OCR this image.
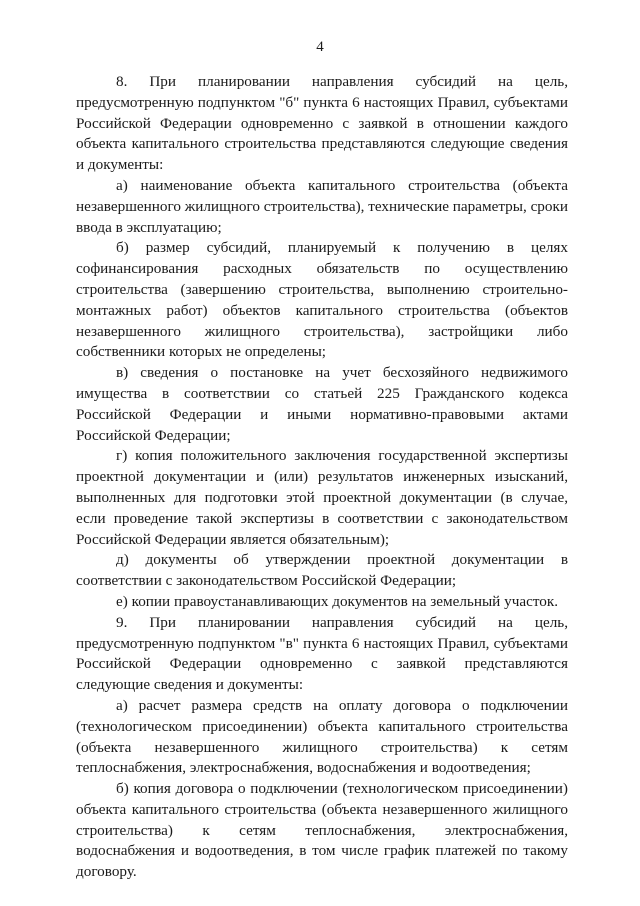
4

8. При планировании направления субсидий на цель, предусмотренную подпунктом "б" пункта 6 настоящих Правил, субъектами Российской Федерации одновременно с заявкой в отношении каждого объекта капитального строительства представляются следующие сведения и документы:

а) наименование объекта капитального строительства (объекта незавершенного жилищного строительства), технические параметры, сроки ввода в эксплуатацию;

б) размер субсидий, планируемый к получению в целях софинансирования расходных обязательств по осуществлению строительства (завершению строительства, выполнению строительно-монтажных работ) объектов капитального строительства (объектов незавершенного жилищного строительства), застройщики либо собственники которых не определены;

в) сведения о постановке на учет бесхозяйного недвижимого имущества в соответствии со статьей 225 Гражданского кодекса Российской Федерации и иными нормативно-правовыми актами Российской Федерации;

г) копия положительного заключения государственной экспертизы проектной документации и (или) результатов инженерных изысканий, выполненных для подготовки этой проектной документации (в случае, если проведение такой экспертизы в соответствии с законодательством Российской Федерации является обязательным);

д) документы об утверждении проектной документации в соответствии с законодательством Российской Федерации;

е) копии правоустанавливающих документов на земельный участок.

9. При планировании направления субсидий на цель, предусмотренную подпунктом "в" пункта 6 настоящих Правил, субъектами Российской Федерации одновременно с заявкой представляются следующие сведения и документы:

а) расчет размера средств на оплату договора о подключении (технологическом присоединении) объекта капитального строительства (объекта незавершенного жилищного строительства) к сетям теплоснабжения, электроснабжения, водоснабжения и водоотведения;

б) копия договора о подключении (технологическом присоединении) объекта капитального строительства (объекта незавершенного жилищного строительства) к сетям теплоснабжения, электроснабжения, водоснабжения и водоотведения, в том числе график платежей по такому договору.
